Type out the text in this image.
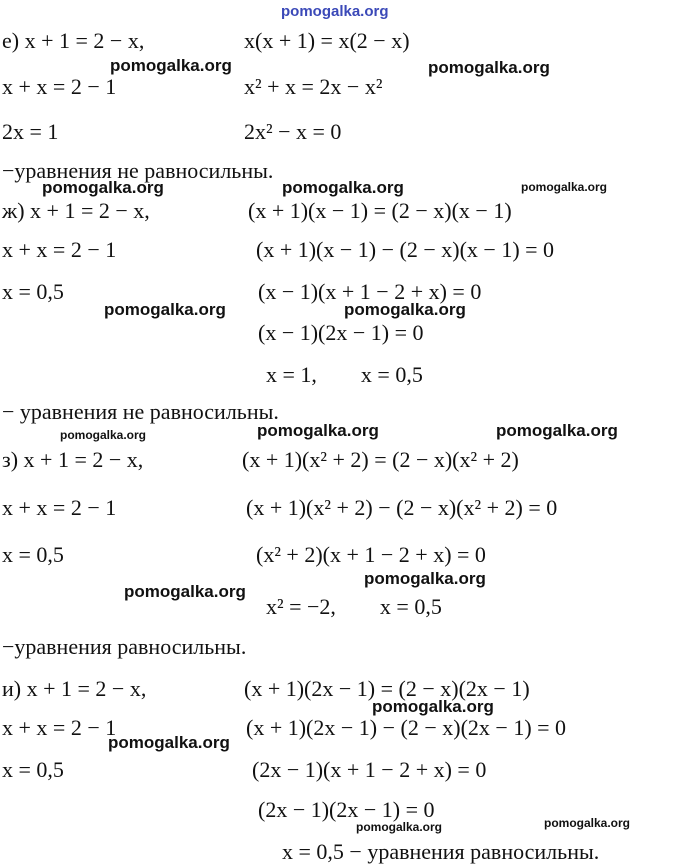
pomogalka.org
е) x + 1 = 2 − x,	x(x + 1) = x(2 − x)
x + x = 2 − 1	x² + x = 2x − x²
2x = 1	2x² − x = 0
−уравнения не равносильны.
pomogalka.org	pomogalka.org
pomogalka.org	pomogalka.org	pomogalka.org
ж) x + 1 = 2 − x,	(x + 1)(x − 1) = (2 − x)(x − 1)
x + x = 2 − 1	(x + 1)(x − 1) − (2 − x)(x − 1) = 0
x = 0,5	(x − 1)(x + 1 − 2 + x) = 0
(x − 1)(2x − 1) = 0
x = 1,        x = 0,5
− уравнения не равносильны.
pomogalka.org	pomogalka.org
pomogalka.org	pomogalka.org	pomogalka.org
з) x + 1 = 2 − x,	(x + 1)(x² + 2) = (2 − x)(x² + 2)
x + x = 2 − 1	(x + 1)(x² + 2) − (2 − x)(x² + 2) = 0
x = 0,5	(x² + 2)(x + 1 − 2 + x) = 0
x² = −2,        x = 0,5
−уравнения равносильны.
pomogalka.org
pomogalka.org
и) x + 1 = 2 − x,	(x + 1)(2x − 1) = (2 − x)(2x − 1)
x + x = 2 − 1	(x + 1)(2x − 1) − (2 − x)(2x − 1) = 0
x = 0,5	(2x − 1)(x + 1 − 2 + x) = 0
(2x − 1)(2x − 1) = 0
x = 0,5 − уравнения равносильны.
pomogalka.org
pomogalka.org
pomogalka.org	pomogalka.org
